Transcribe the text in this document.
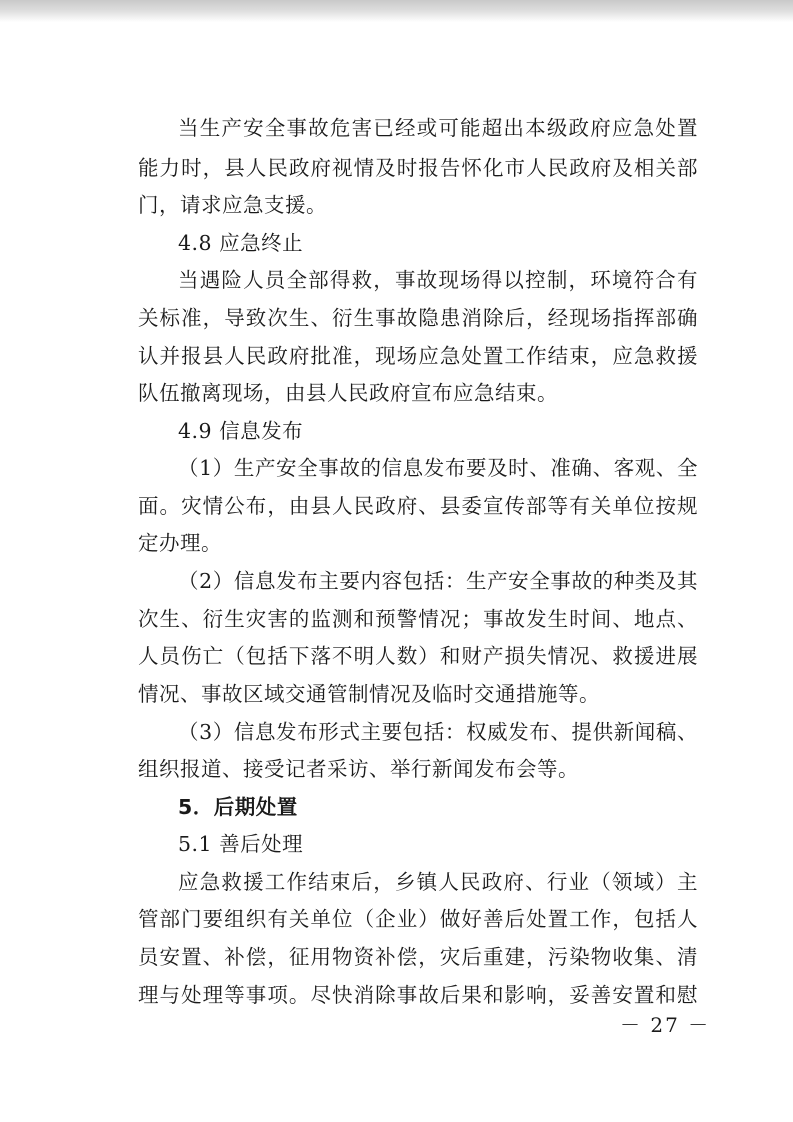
当生产安全事故危害已经或可能超出本级政府应急处置
能力时，县人民政府视情及时报告怀化市人民政府及相关部
门，请求应急支援。
4.8 应急终止
当遇险人员全部得救，事故现场得以控制，环境符合有
关标准，导致次生、衍生事故隐患消除后，经现场指挥部确
认并报县人民政府批准，现场应急处置工作结束，应急救援
队伍撤离现场，由县人民政府宣布应急结束。
4.9 信息发布
（1）生产安全事故的信息发布要及时、准确、客观、全
面。灾情公布，由县人民政府、县委宣传部等有关单位按规
定办理。
（2）信息发布主要内容包括：生产安全事故的种类及其
次生、衍生灾害的监测和预警情况；事故发生时间、地点、
人员伤亡（包括下落不明人数）和财产损失情况、救援进展
情况、事故区域交通管制情况及临时交通措施等。
（3）信息发布形式主要包括：权威发布、提供新闻稿、
组织报道、接受记者采访、举行新闻发布会等。
5．后期处置
5.1 善后处理
应急救援工作结束后，乡镇人民政府、行业（领域）主
管部门要组织有关单位（企业）做好善后处置工作，包括人
员安置、补偿，征用物资补偿，灾后重建，污染物收集、清
理与处理等事项。尽快消除事故后果和影响，妥善安置和慰
－ 27 －
